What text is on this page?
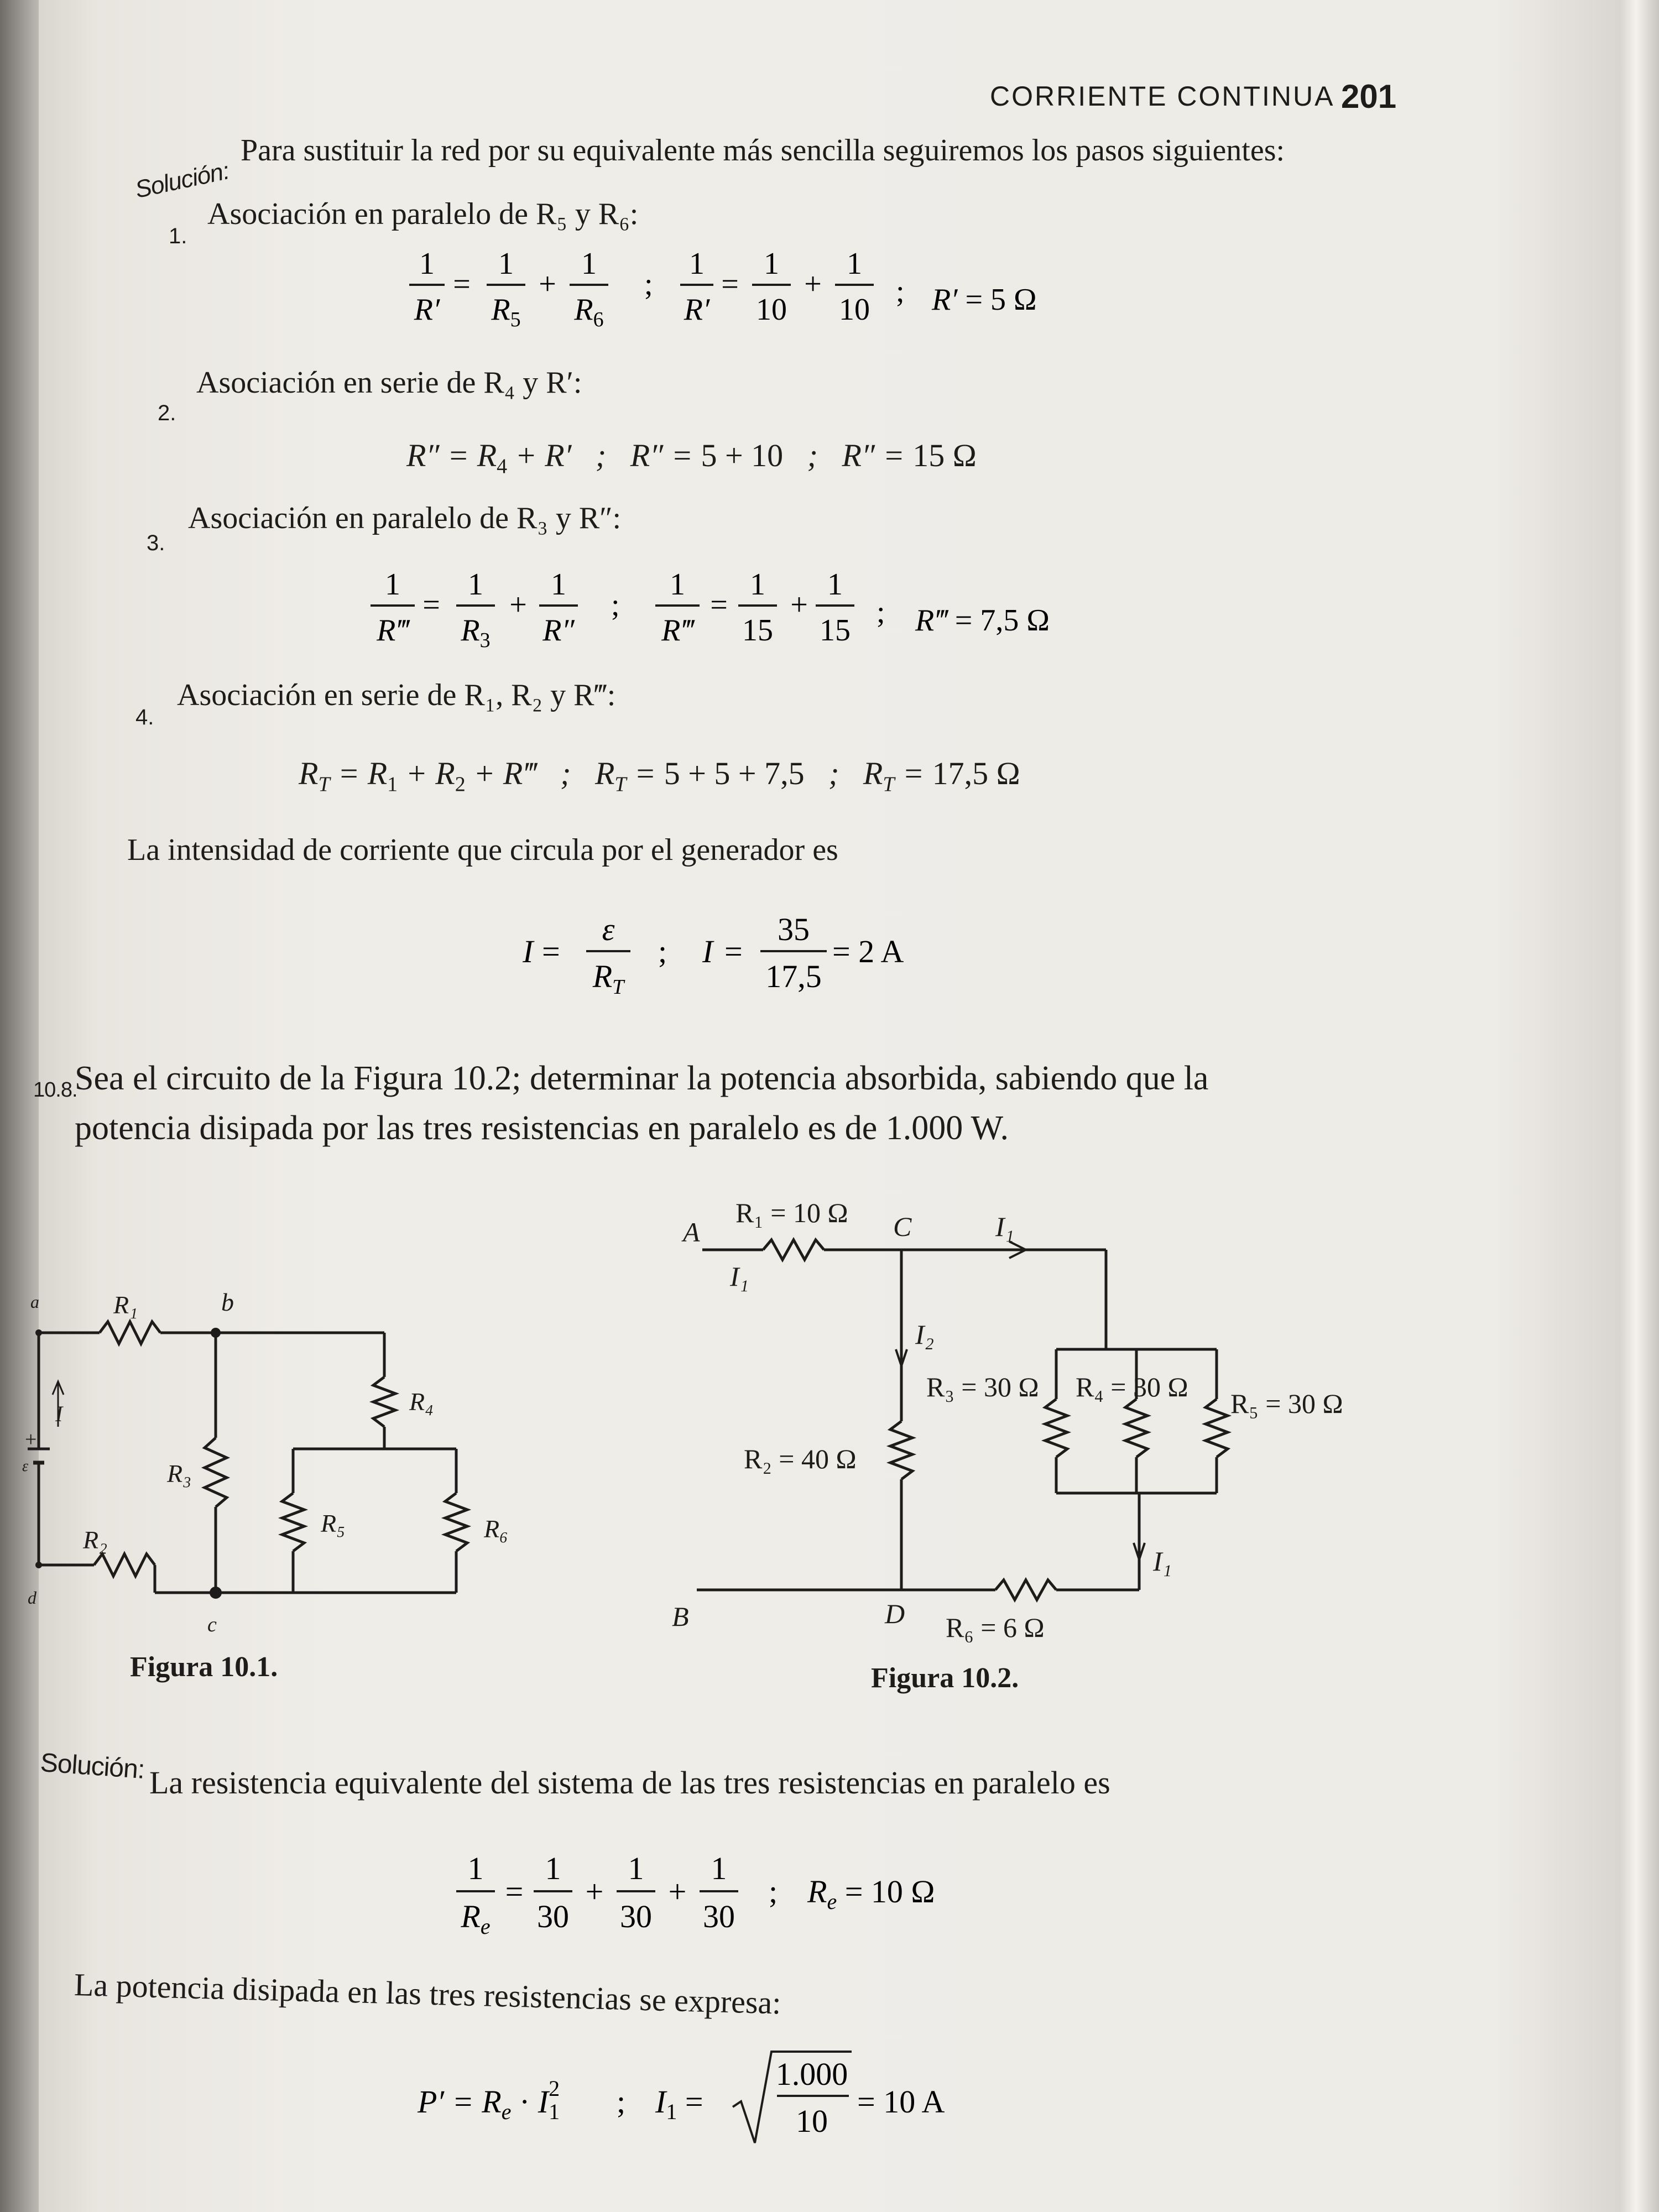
CORRIENTE CONTINUA 201
Solución:
Para sustituir la red por su equivalente más sencilla seguiremos los pasos siguientes:
1.
Asociación en paralelo de R₅ y R₆:
1
R′
=
1
$R_5$
+
1
$R_6$
;
1
R′
=
1
10
+
1
10
; R′ = 5 Ω
2.
Asociación en serie de R₄ y R′:
$R'' = R_4 + R'$   ;   R″ = 5 + 10   ;   R″ = 15 Ω
3.
Asociación en paralelo de R₃ y R″:
1
R‴
=
1
$R_3$
+
1
R″
;
1
R‴
=
1
15
+
1
15
; R‴ = 7,5 Ω
4.
Asociación en serie de R₁, R₂ y R‴:
$R_T = R_1 + R_2$ + R‴   ;   $R_T = 5 + 5 + 7,5$   ;   $R_T = 17,5$ Ω
La intensidad de corriente que circula por el generador es
I =
ε
$R_T$
; I =
35
17,5
= 2 A
10.8.
Sea el circuito de la Figura 10.2; determinar la potencia absorbida, sabiendo que la
potencia disipada por las tres resistencias en paralelo es de 1.000 W.
a	b
c
d
R₁
R₂
R₃
R₄
R₅	R₆
I
+
ε
Figura 10.1.
A
B
C
D
R₁ = 10 Ω
R₂ = 40 Ω
R₃ = 30 Ω R₄ = 30 Ω
R₅ = 30 Ω
R₆ = 6 Ω
I₁
I₁
I₂
I₁
Figura 10.2.
Solución: La resistencia equivalente del sistema de las tres resistencias en paralelo es
1
$R_e$
=
1
30
+
1
30
+
1
30
; $R_e = 10$ Ω
La potencia disipada en las tres resistencias se expresa:
$P' = R_e \cdot I_12$ ; $I_1$ =
1.000
10
= 10 A
